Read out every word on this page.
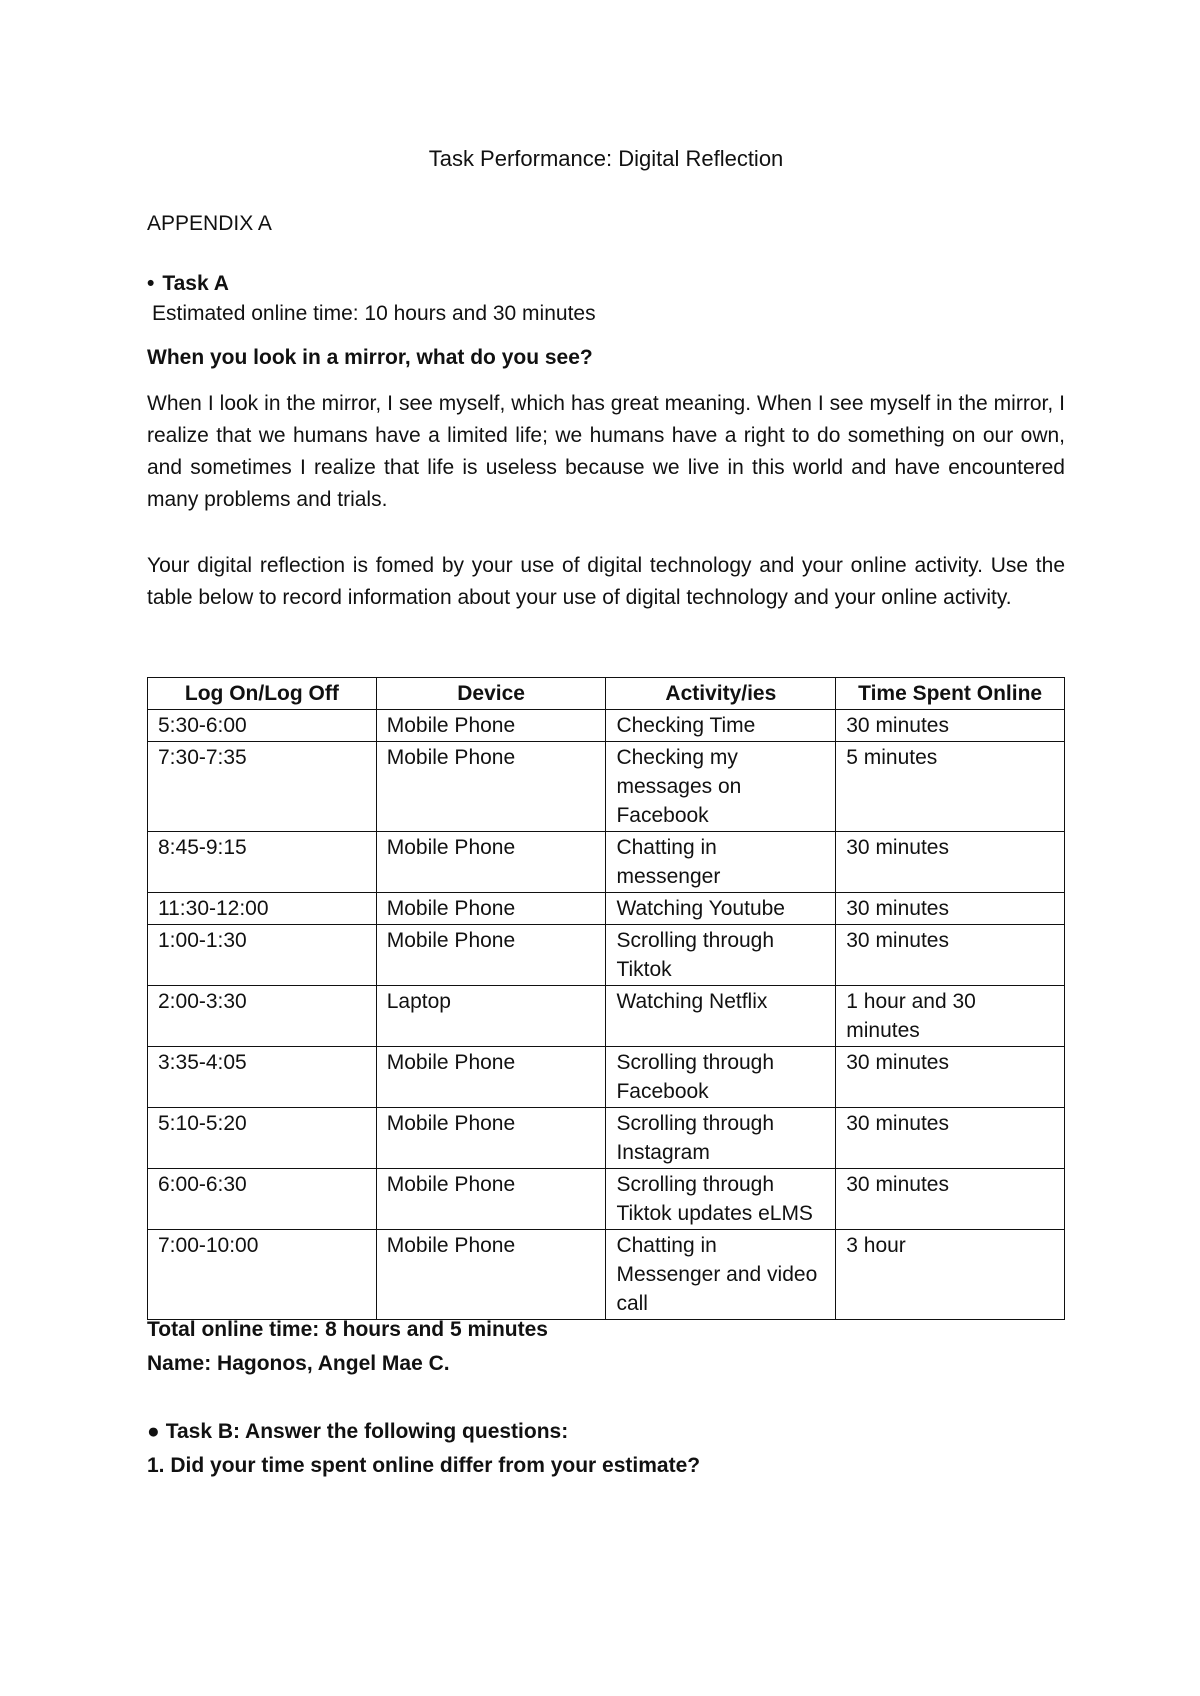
Task Performance: Digital Reflection

APPENDIX A

• Task A

Estimated online time: 10 hours and 30 minutes

When you look in a mirror, what do you see?

When I look in the mirror, I see myself, which has great meaning. When I see myself in the mirror, I realize that we humans have a limited life; we humans have a right to do something on our own, and sometimes I realize that life is useless because we live in this world and have encountered many problems and trials.

Your digital reflection is fomed by your use of digital technology and your online activity. Use the table below to record information about your use of digital technology and your online activity.

Log On/Log Off	Device	Activity/ies	Time Spent Online
5:30-6:00	Mobile Phone	Checking Time	30 minutes
7:30-7:35	Mobile Phone	Checking my messages on Facebook	5 minutes
8:45-9:15	Mobile Phone	Chatting in messenger	30 minutes
11:30-12:00	Mobile Phone	Watching Youtube	30 minutes
1:00-1:30	Mobile Phone	Scrolling through Tiktok	30 minutes
2:00-3:30	Laptop	Watching Netflix	1 hour and 30 minutes
3:35-4:05	Mobile Phone	Scrolling through Facebook	30 minutes
5:10-5:20	Mobile Phone	Scrolling through Instagram	30 minutes
6:00-6:30	Mobile Phone	Scrolling through Tiktok updates eLMS	30 minutes
7:00-10:00	Mobile Phone	Chatting in Messenger and video call	3 hour

Total online time: 8 hours and 5 minutes

Name: Hagonos, Angel Mae C.

● Task B: Answer the following questions:

1. Did your time spent online differ from your estimate?
